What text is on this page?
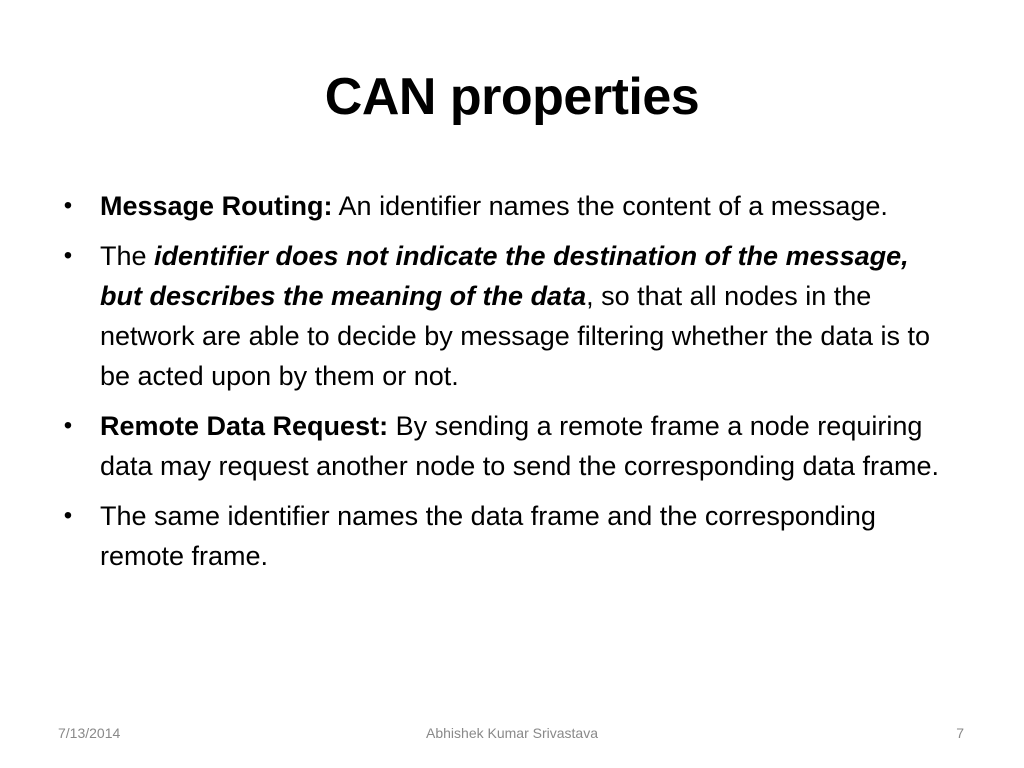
CAN properties
• Message Routing: An identifier names the content of a message.
• The identifier does not indicate the destination of the message, but describes the meaning of the data, so that all nodes in the network are able to decide by message filtering whether the data is to be acted upon by them or not.
• Remote Data Request: By sending a remote frame a node requiring data may request another node to send the corresponding data frame.
• The same identifier names the data frame and the corresponding remote frame.
7/13/2014	Abhishek Kumar Srivastava	7
